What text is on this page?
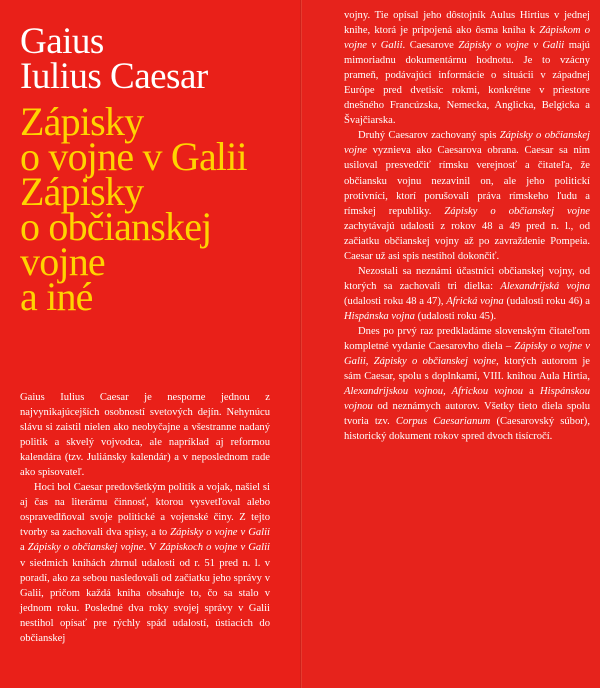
Gaius
Iulius Caesar
Zápisky
o vojne v Galii
Zápisky
o občianskej
vojne
a iné

Gaius Iulius Caesar je nesporne jednou z najvynikajúcejších osobností svetových dejín. Nehynúcu slávu si zaistil nielen ako neobyčajne a všestranne nadaný politik a skvelý vojvodca, ale napríklad aj reformou kalendára (tzv. Juliánsky kalendár) a v neposlednom rade ako spisovateľ.

Hoci bol Caesar predovšetkým politik a vojak, našiel si aj čas na literárnu činnosť, ktorou vysvetľoval alebo ospravedlňoval svoje politické a vojenské činy. Z tejto tvorby sa zachovali dva spisy, a to Zápisky o vojne v Galii a Zápisky o občianskej vojne. V Zápiskoch o vojne v Galii v siedmich knihách zhrnul udalosti od r. 51 pred n. l. v poradí, ako za sebou nasledovali od začiatku jeho správy v Galii, pričom každá kniha obsahuje to, čo sa stalo v jednom roku. Posledné dva roky svojej správy v Galii nestihol opísať pre rýchly spád udalostí, ústiacich do občianskej

vojny. Tie opísal jeho dôstojník Aulus Hirtius v jednej knihe, ktorá je pripojená ako ôsma kniha k Zápiskom o vojne v Galii. Caesarove Zápisky o vojne v Galii majú mimoriadnu dokumentárnu hodnotu. Je to vzácny prameň, podávajúci informácie o situácii v západnej Európe pred dvetisíc rokmi, konkrétne v priestore dnešného Francúzska, Nemecka, Anglicka, Belgicka a Švajčiarska.

Druhý Caesarov zachovaný spis Zápisky o občianskej vojne vyznieva ako Caesarova obrana. Caesar sa ním usiloval presvedčiť rímsku verejnosť a čitateľa, že občiansku vojnu nezavinil on, ale jeho politickí protivníci, ktorí porušovali práva rímskeho ľudu a rímskej republiky. Zápisky o občianskej vojne zachytávajú udalosti z rokov 48 a 49 pred n. l., od začiatku občianskej vojny až po zavraždenie Pompeia. Caesar už asi spis nestihol dokončiť.

Nezostali sa neznámi účastníci občianskej vojny, od ktorých sa zachovali tri dielka: Alexandrijská vojna (udalosti roku 48 a 47), Africká vojna (udalosti roku 46) a Hispánska vojna (udalosti roku 45).

Dnes po prvý raz predkladáme slovenským čitateľom kompletné vydanie Caesarovho diela – Zápisky o vojne v Galii, Zápisky o občianskej vojne, ktorých autorom je sám Caesar, spolu s doplnkami, VIII. knihou Aula Hirtia, Alexandrijskou vojnou, Africkou vojnou a Hispánskou vojnou od neznámych autorov. Všetky tieto diela spolu tvoria tzv. Corpus Caesarianum (Caesarovský súbor), historický dokument rokov spred dvoch tisícročí.
